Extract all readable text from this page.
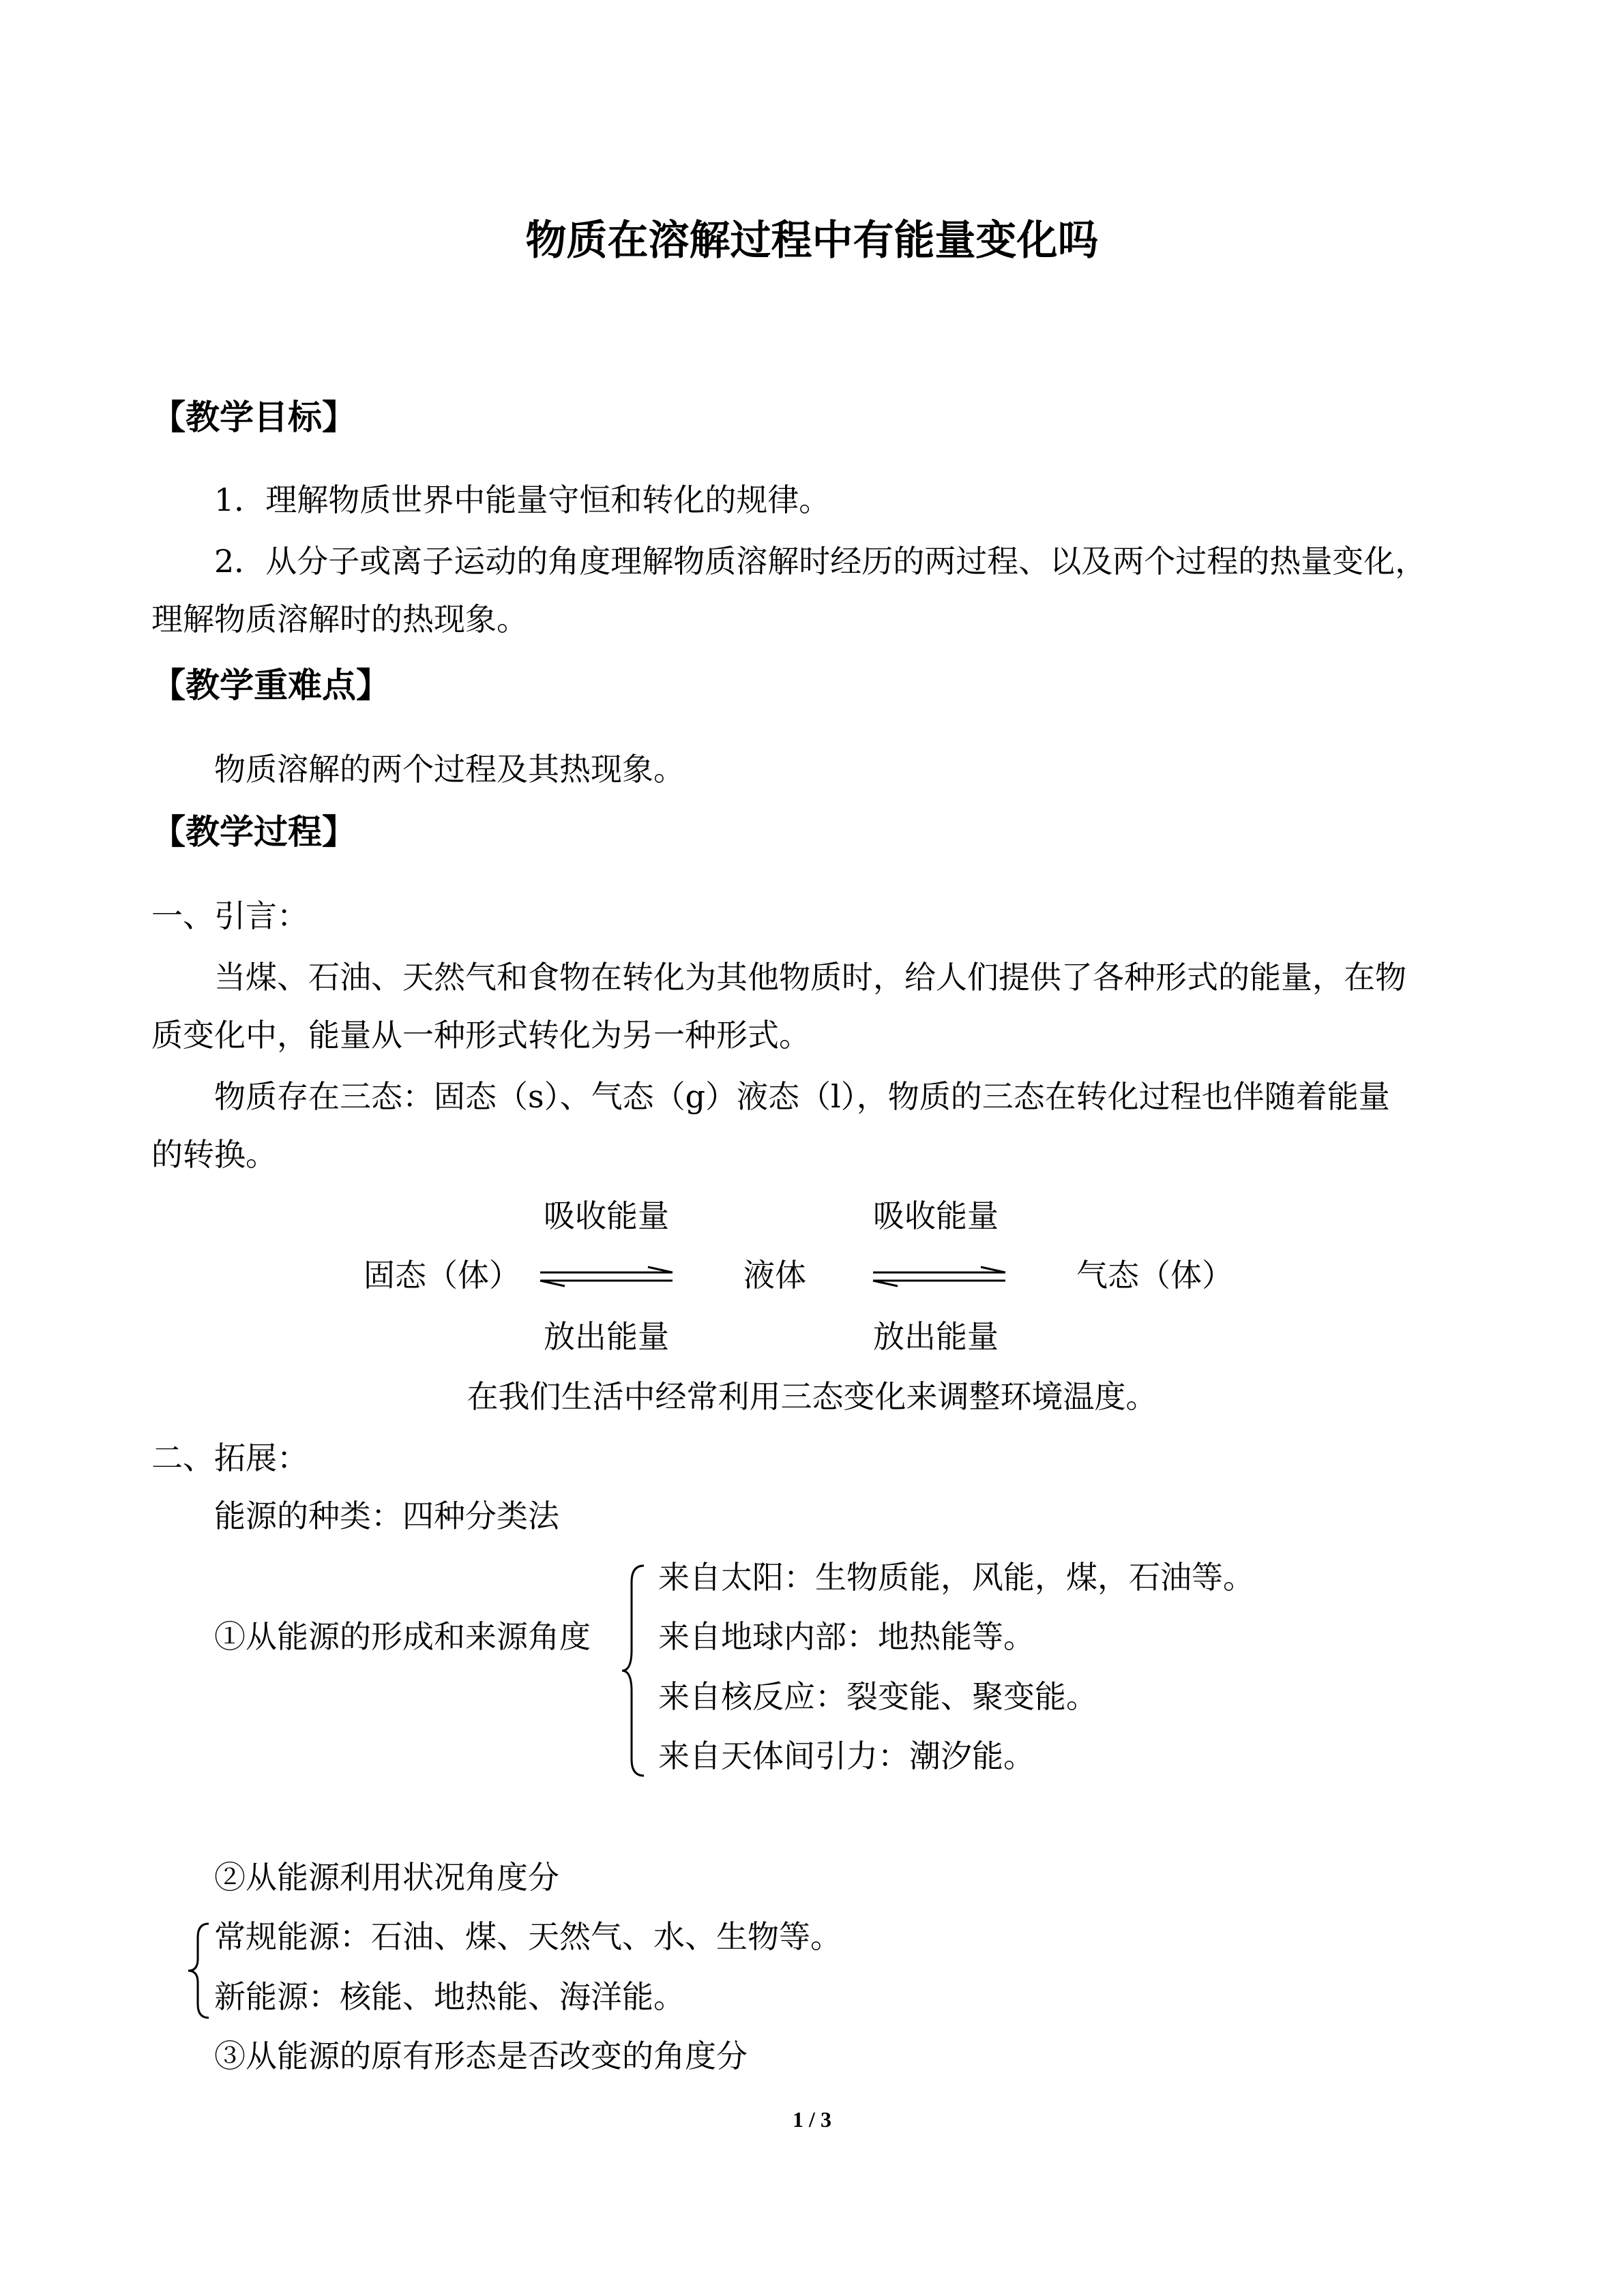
物质在溶解过程中有能量变化吗
【教学目标】
1．理解物质世界中能量守恒和转化的规律。
2．从分子或离子运动的角度理解物质溶解时经历的两过程、以及两个过程的热量变化，
理解物质溶解时的热现象。
【教学重难点】
物质溶解的两个过程及其热现象。
【教学过程】
一、引言：
当煤、石油、天然气和食物在转化为其他物质时，给人们提供了各种形式的能量，在物
质变化中，能量从一种形式转化为另一种形式。
物质存在三态：固态（s）、气态（g）液态（l），物质的三态在转化过程也伴随着能量
的转换。
吸收能量	吸收能量
固态（体）	液体	气态（体）
放出能量	放出能量
在我们生活中经常利用三态变化来调整环境温度。
二、拓展：
能源的种类：四种分类法
①从能源的形成和来源角度
来自太阳：生物质能，风能，煤，石油等。
来自地球内部：地热能等。
来自核反应：裂变能、聚变能。
来自天体间引力：潮汐能。
②从能源利用状况角度分
常规能源：石油、煤、天然气、水、生物等。
新能源：核能、地热能、海洋能。
③从能源的原有形态是否改变的角度分
1 / 3
